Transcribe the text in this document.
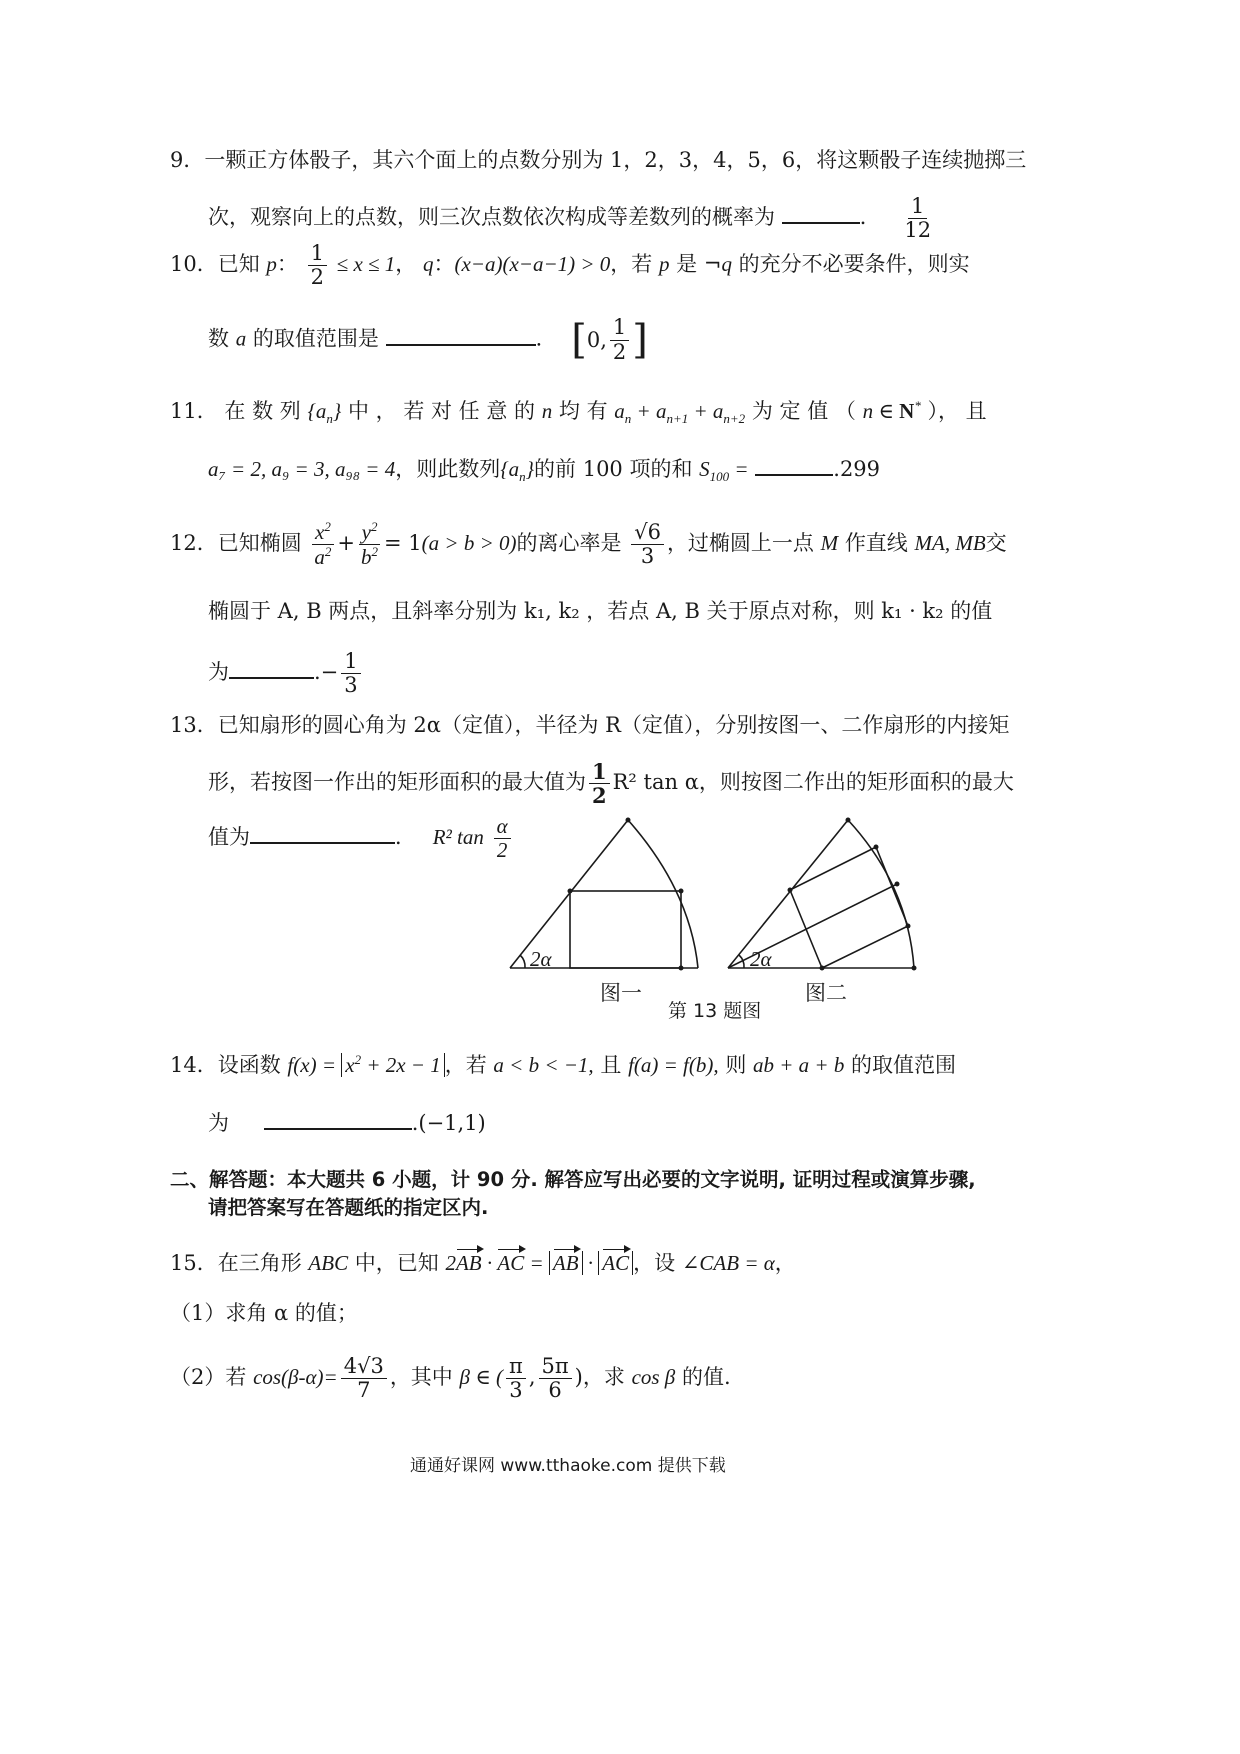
9．一颗正方体骰子，其六个面上的点数分别为 1，2，3，4，5，6，将这颗骰子连续抛掷三
次，观察向上的点数，则三次点数依次构成等差数列的概率为	． $\frac{1}{12}$
10．已知 p： $\frac{1}{2} \le x \le 1$， q：(x−a)(x−a−1) > 0，若 p 是 ¬q 的充分不必要条件，则实
数 a 的取值范围是	． [0, $\frac{1}{2}$ ]
11． 在 数 列 $\{a_n\}$ 中 ， 若 对 任 意 的 n 均 有 $a_n + a_{n+1} + a_{n+2}$ 为 定 值 （ n ∈ N* ）， 且
a₇ = 2, a₉ = 3, a₉₈ = 4，则此数列$\{a_n\}$的前 100 项的和 $S_{100}$ =	.299
12．已知椭圆 $\frac{x^2}{a^2} + \frac{y^2}{b^2} = 1(a > b > 0)$的离心率是 $\frac{√6}{3}$ ，过椭圆上一点 M 作直线 MA, MB交
椭圆于 A, B 两点，且斜率分别为 k₁, k₂ ，若点 A, B 关于原点对称，则 k₁ · k₂ 的值
为	.− $\frac{1}{3}$
13．已知扇形的圆心角为 2α（定值），半径为 R（定值），分别按图一、二作扇形的内接矩
形，若按图一作出的矩形面积的最大值为 $\frac{1}{2} R^2$ tan α，则按图二作出的矩形面积的最大
值为	． R² $\tan \frac{\alpha}{2}$
2α	2α
图一	图二
第 13 题图
14．设函数 $f(x) = x^2 + 2x - 1$ ，若 a < b < −1, 且 f(a) = f(b), 则 ab + a + b 的取值范围
为	.(−1,1)
二、解答题：本大题共 6 小题，计 90 分. 解答应写出必要的文字说明, 证明过程或演算步骤,
请把答案写在答题纸的指定区内.
15．在三角形 ABC 中，已知 2AB · AC = AB · AC ，设 ∠CAB = α，
（1）求角 α 的值；
（2）若 $\cos(\beta-\alpha)= \frac{4√3}{7}$ ，其中 β ∈ ( $\frac{\pi}{3}$ , $\frac{5\pi}{6}$ )，求 cos β 的值.
通通好课网 www.tthaoke.com 提供下载
